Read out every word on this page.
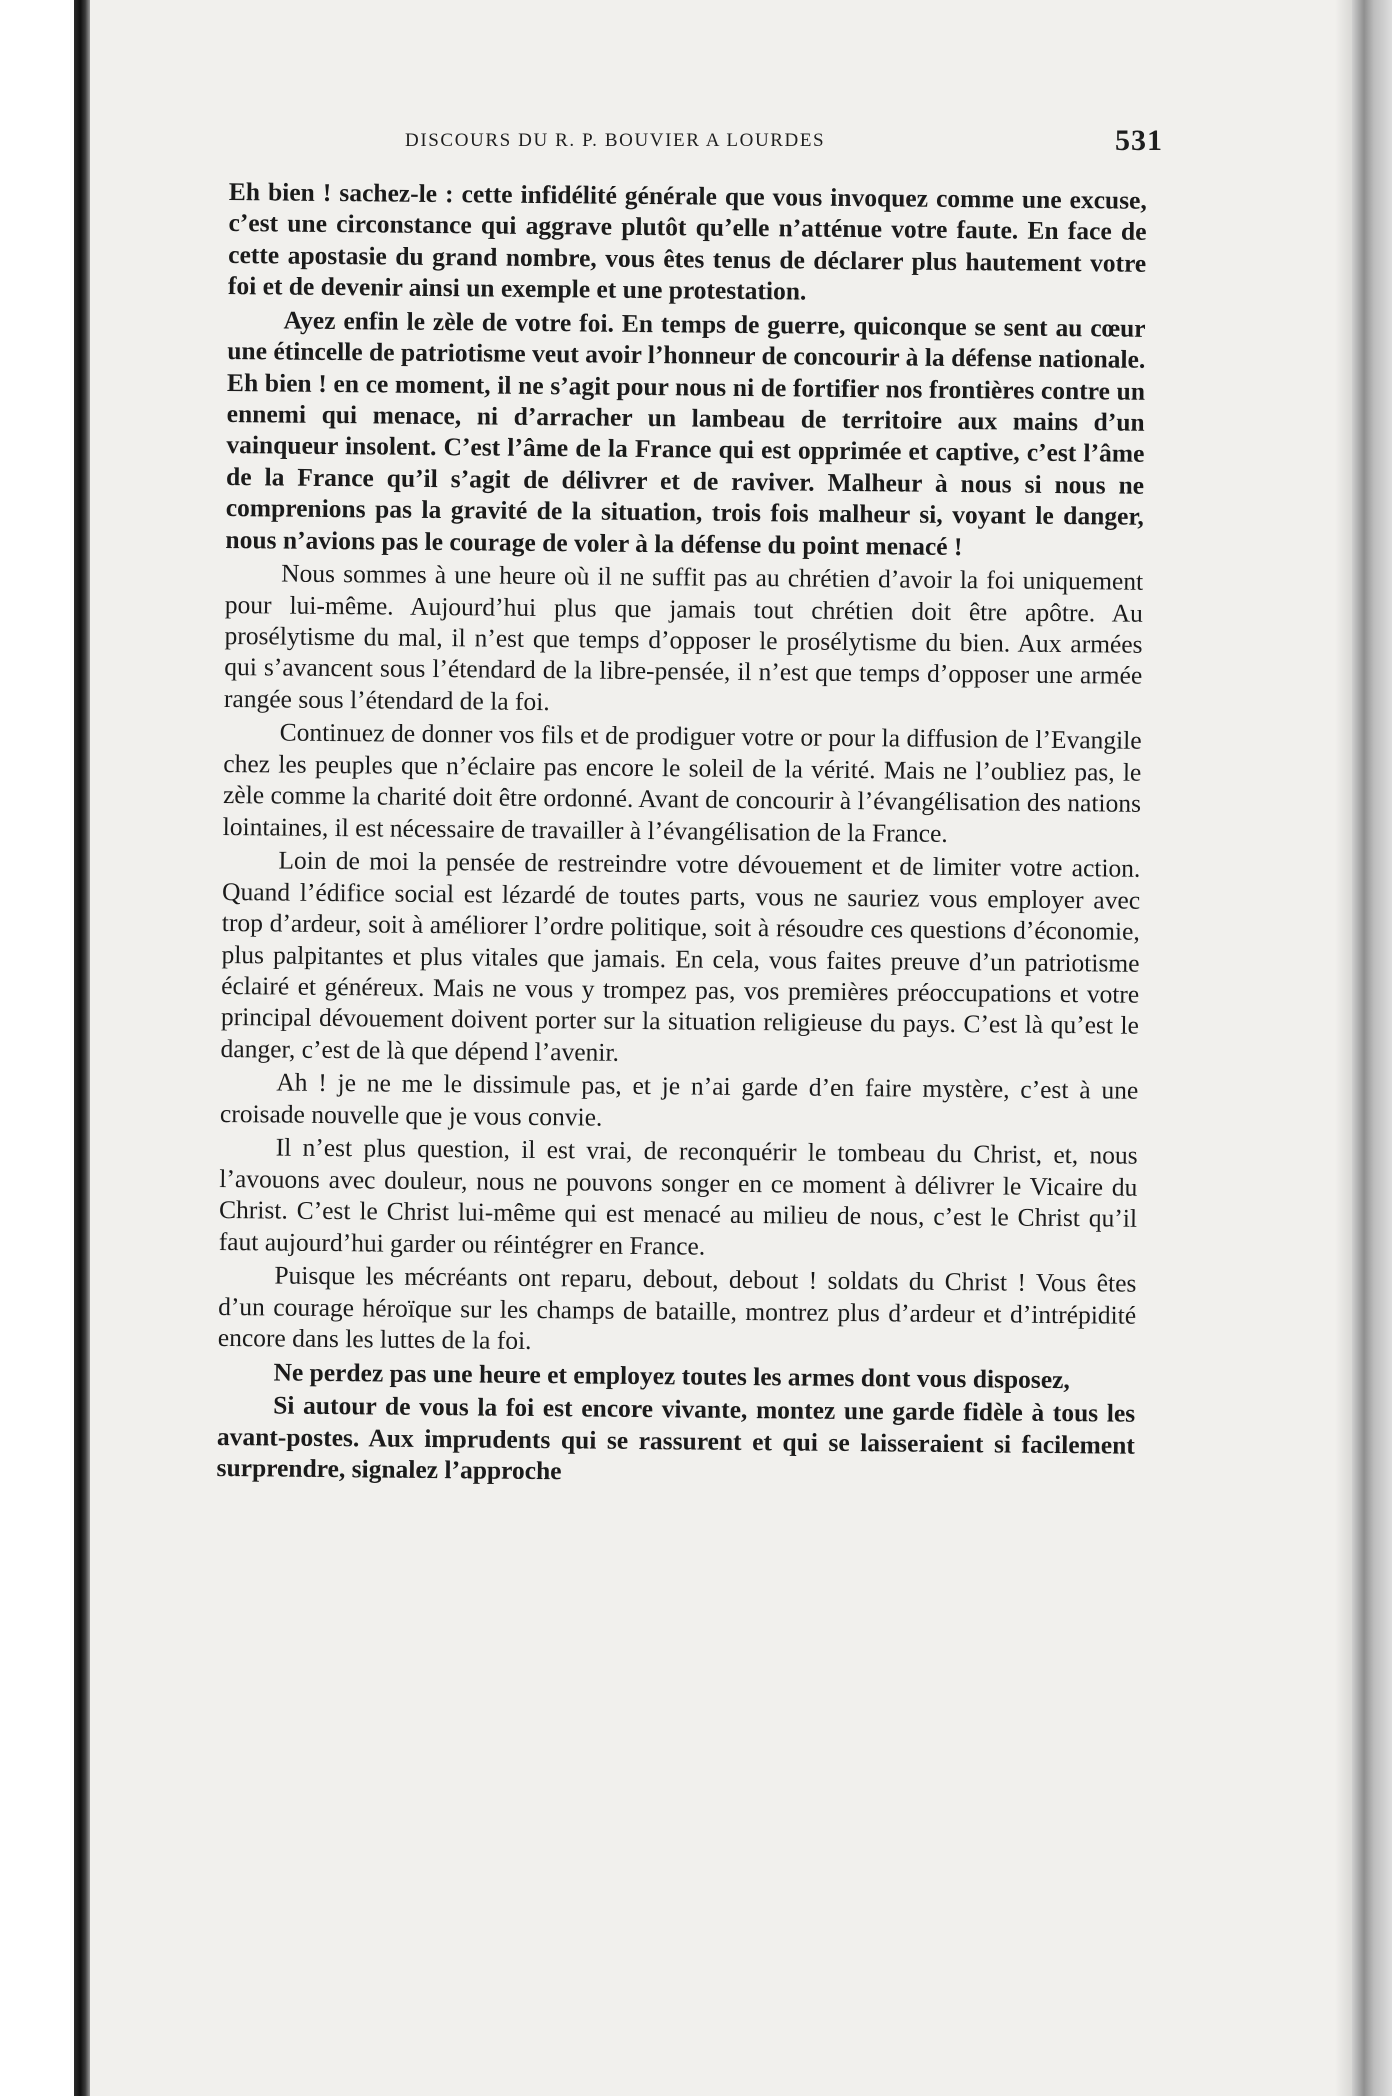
DISCOURS DU R. P. BOUVIER A LOURDES	531

Eh bien ! sachez-le : cette infidélité générale que vous invoquez comme une excuse, c’est une circonstance qui aggrave plutôt qu’elle n’atténue votre faute. En face de cette apostasie du grand nombre, vous êtes tenus de déclarer plus hautement votre foi et de devenir ainsi un exemple et une protestation.

Ayez enfin le zèle de votre foi. En temps de guerre, quiconque se sent au cœur une étincelle de patriotisme veut avoir l’honneur de concourir à la défense nationale. Eh bien ! en ce moment, il ne s’agit pour nous ni de fortifier nos frontières contre un ennemi qui menace, ni d’arracher un lambeau de territoire aux mains d’un vainqueur insolent. C’est l’âme de la France qui est opprimée et captive, c’est l’âme de la France qu’il s’agit de délivrer et de raviver. Malheur à nous si nous ne comprenions pas la gravité de la situation, trois fois malheur si, voyant le danger, nous n’avions pas le courage de voler à la défense du point menacé !

Nous sommes à une heure où il ne suffit pas au chrétien d’avoir la foi uniquement pour lui-même. Aujourd’hui plus que jamais tout chrétien doit être apôtre. Au prosélytisme du mal, il n’est que temps d’opposer le prosélytisme du bien. Aux armées qui s’avancent sous l’étendard de la libre-pensée, il n’est que temps d’opposer une armée rangée sous l’étendard de la foi.

Continuez de donner vos fils et de prodiguer votre or pour la diffusion de l’Evangile chez les peuples que n’éclaire pas encore le soleil de la vérité. Mais ne l’oubliez pas, le zèle comme la charité doit être ordonné. Avant de concourir à l’évangélisation des nations lointaines, il est nécessaire de travailler à l’évangélisation de la France.

Loin de moi la pensée de restreindre votre dévouement et de limiter votre action. Quand l’édifice social est lézardé de toutes parts, vous ne sauriez vous employer avec trop d’ardeur, soit à améliorer l’ordre politique, soit à résoudre ces questions d’économie, plus palpitantes et plus vitales que jamais. En cela, vous faites preuve d’un patriotisme éclairé et généreux. Mais ne vous y trompez pas, vos premières préoccupations et votre principal dévouement doivent porter sur la situation religieuse du pays. C’est là qu’est le danger, c’est de là que dépend l’avenir.

Ah ! je ne me le dissimule pas, et je n’ai garde d’en faire mystère, c’est à une croisade nouvelle que je vous convie.

Il n’est plus question, il est vrai, de reconquérir le tombeau du Christ, et, nous l’avouons avec douleur, nous ne pouvons songer en ce moment à délivrer le Vicaire du Christ. C’est le Christ lui-même qui est menacé au milieu de nous, c’est le Christ qu’il faut aujourd’hui garder ou réintégrer en France.

Puisque les mécréants ont reparu, debout, debout ! soldats du Christ ! Vous êtes d’un courage héroïque sur les champs de bataille, montrez plus d’ardeur et d’intrépidité encore dans les luttes de la foi.

Ne perdez pas une heure et employez toutes les armes dont vous disposez,

Si autour de vous la foi est encore vivante, montez une garde fidèle à tous les avant-postes. Aux imprudents qui se rassurent et qui se laisseraient si facilement surprendre, signalez l’approche
